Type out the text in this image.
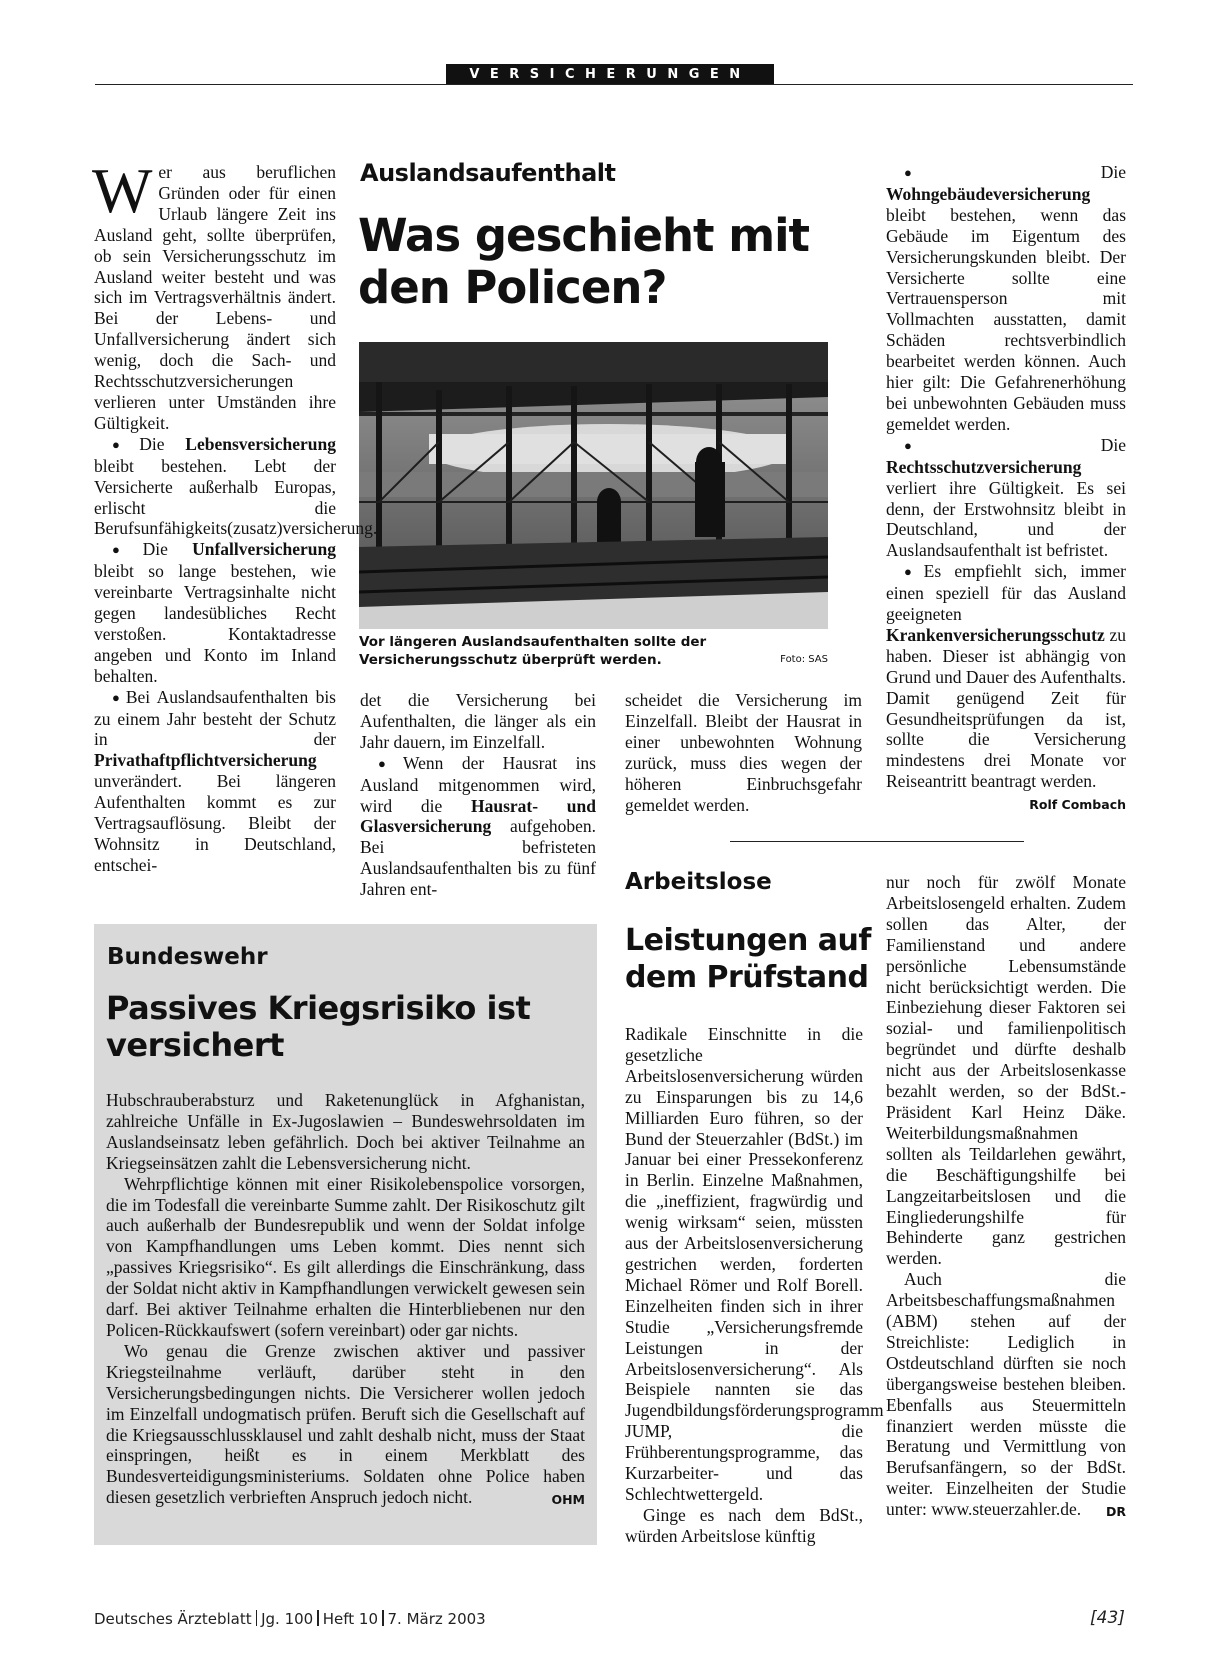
VERSICHERUNGEN
Auslandsaufenthalt
Was geschieht mit den Policen?
Vor längeren Auslandsaufenthalten sollte der Versicherungsschutz überprüft werden.	Foto: SAS

Wer aus beruflichen Gründen oder für einen Urlaub längere Zeit ins Ausland geht, sollte überprüfen, ob sein Versicherungsschutz im Ausland weiter besteht und was sich im Vertragsverhältnis ändert. Bei der Lebens- und Unfallversicherung ändert sich wenig, doch die Sach- und Rechtsschutzversicherungen verlieren unter Umständen ihre Gültigkeit.

● Die Lebensversicherung bleibt bestehen. Lebt der Versicherte außerhalb Europas, erlischt die Berufsunfähigkeits(zusatz)versicherung.

● Die Unfallversicherung bleibt so lange bestehen, wie vereinbarte Vertragsinhalte nicht gegen landesübliches Recht verstoßen. Kontaktadresse angeben und Konto im Inland behalten.

● Bei Auslandsaufenthalten bis zu einem Jahr besteht der Schutz in der Privathaftpflichtversicherung unverändert. Bei längeren Aufenthalten kommt es zur Vertragsauflösung. Bleibt der Wohnsitz in Deutschland, entschei-

det die Versicherung bei Aufenthalten, die länger als ein Jahr dauern, im Einzelfall.

● Wenn der Hausrat ins Ausland mitgenommen wird, wird die Hausrat- und Glasversicherung aufgehoben. Bei befristeten Auslandsaufenthalten bis zu fünf Jahren ent-

scheidet die Versicherung im Einzelfall. Bleibt der Hausrat in einer unbewohnten Wohnung zurück, muss dies wegen der höheren Einbruchsgefahr gemeldet werden.

● Die Wohngebäudeversicherung bleibt bestehen, wenn das Gebäude im Eigentum des Versicherungskunden bleibt. Der Versicherte sollte eine Vertrauensperson mit Vollmachten ausstatten, damit Schäden rechtsverbindlich bearbeitet werden können. Auch hier gilt: Die Gefahrenerhöhung bei unbewohnten Gebäuden muss gemeldet werden.

● Die Rechtsschutzversicherung verliert ihre Gültigkeit. Es sei denn, der Erstwohnsitz bleibt in Deutschland, und der Auslandsaufenthalt ist befristet.

● Es empfiehlt sich, immer einen speziell für das Ausland geeigneten Krankenversicherungsschutz zu haben. Dieser ist abhängig von Grund und Dauer des Aufenthalts. Damit genügend Zeit für Gesundheitsprüfungen da ist, sollte die Versicherung mindestens drei Monate vor Reiseantritt beantragt werden.
Rolf Combach

Bundeswehr
Passives Kriegsrisiko ist versichert

Hubschrauberabsturz und Raketenunglück in Afghanistan, zahlreiche Unfälle in Ex-Jugoslawien – Bundeswehrsoldaten im Auslandseinsatz leben gefährlich. Doch bei aktiver Teilnahme an Kriegseinsätzen zahlt die Lebensversicherung nicht.

Wehrpflichtige können mit einer Risikolebenspolice vorsorgen, die im Todesfall die vereinbarte Summe zahlt. Der Risikoschutz gilt auch außerhalb der Bundesrepublik und wenn der Soldat infolge von Kampfhandlungen ums Leben kommt. Dies nennt sich „passives Kriegsrisiko“. Es gilt allerdings die Einschränkung, dass der Soldat nicht aktiv in Kampfhandlungen verwickelt gewesen sein darf. Bei aktiver Teilnahme erhalten die Hinterbliebenen nur den Policen-Rückkaufswert (sofern vereinbart) oder gar nichts.

Wo genau die Grenze zwischen aktiver und passiver Kriegsteilnahme verläuft, darüber steht in den Versicherungsbedingungen nichts. Die Versicherer wollen jedoch im Einzelfall undogmatisch prüfen. Beruft sich die Gesellschaft auf die Kriegsausschlussklausel und zahlt deshalb nicht, muss der Staat einspringen, heißt es in einem Merkblatt des Bundesverteidigungsministeriums. Soldaten ohne Police haben diesen gesetzlich verbrieften Anspruch jedoch nicht.	OHM

Arbeitslose
Leistungen auf dem Prüfstand

Radikale Einschnitte in die gesetzliche Arbeitslosenversicherung würden zu Einsparungen bis zu 14,6 Milliarden Euro führen, so der Bund der Steuerzahler (BdSt.) im Januar bei einer Pressekonferenz in Berlin. Einzelne Maßnahmen, die „ineffizient, fragwürdig und wenig wirksam“ seien, müssten aus der Arbeitslosenversicherung gestrichen werden, forderten Michael Römer und Rolf Borell. Einzelheiten finden sich in ihrer Studie „Versicherungsfremde Leistungen in der Arbeitslosenversicherung“. Als Beispiele nannten sie das Jugendbildungsförderungsprogramm JUMP, die Frühberentungsprogramme, das Kurzarbeiter- und das Schlechtwettergeld.

Ginge es nach dem BdSt., würden Arbeitslose künftig

nur noch für zwölf Monate Arbeitslosengeld erhalten. Zudem sollen das Alter, der Familienstand und andere persönliche Lebensumstände nicht berücksichtigt werden. Die Einbeziehung dieser Faktoren sei sozial- und familienpolitisch begründet und dürfte deshalb nicht aus der Arbeitslosenkasse bezahlt werden, so der BdSt.-Präsident Karl Heinz Däke. Weiterbildungsmaßnahmen sollten als Teildarlehen gewährt, die Beschäftigungshilfe bei Langzeitarbeitslosen und die Eingliederungshilfe für Behinderte ganz gestrichen werden.

Auch die Arbeitsbeschaffungsmaßnahmen (ABM) stehen auf der Streichliste: Lediglich in Ostdeutschland dürften sie noch übergangsweise bestehen bleiben. Ebenfalls aus Steuermitteln finanziert werden müsste die Beratung und Vermittlung von Berufsanfängern, so der BdSt. weiter. Einzelheiten der Studie unter: www.steuerzahler.de.	DR

Deutsches Ärzteblatt Jg. 100 Heft 10 7. März 2003	[43]
